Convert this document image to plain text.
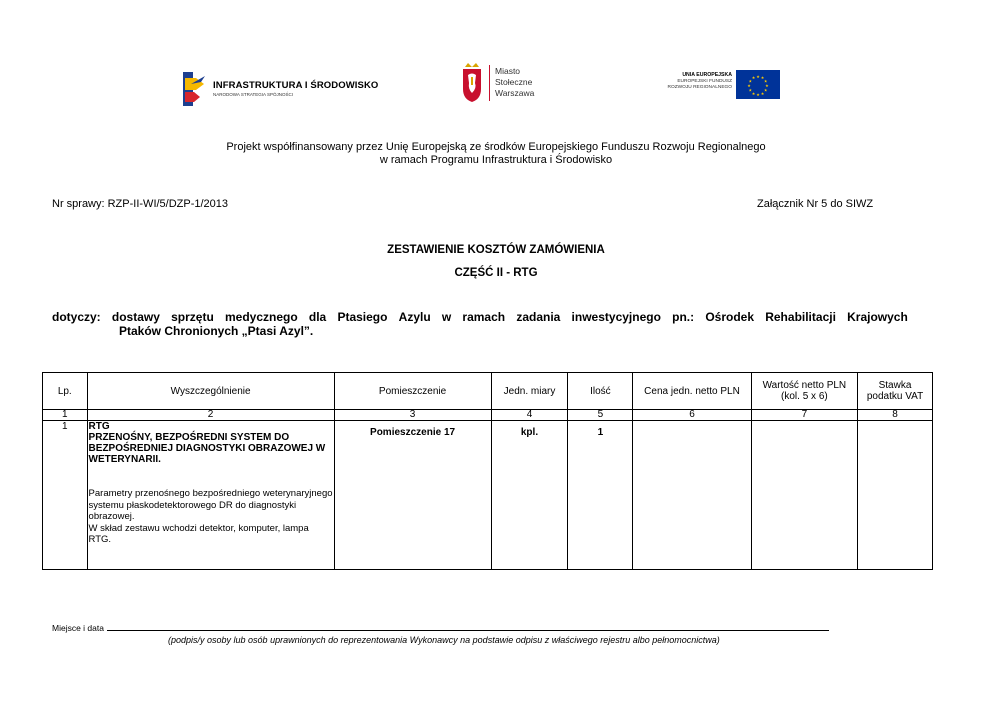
INFRASTRUKTURA I ŚRODOWISKO
NARODOWA STRATEGIA SPÓJNOŚCI
Miasto
Stołeczne
Warszawa
UNIA EUROPEJSKA
EUROPEJSKI FUNDUSZ
ROZWOJU REGIONALNEGO
★ ★
★
★
★
★
★
★
★
★
★
★
Projekt współfinansowany przez Unię Europejską ze środków Europejskiego Funduszu Rozwoju Regionalnego
w ramach Programu Infrastruktura i Środowisko
Nr sprawy: RZP-II-WI/5/DZP-1/2013	Załącznik Nr 5 do SIWZ
ZESTAWIENIE KOSZTÓW ZAMÓWIENIA
CZĘŚĆ II - RTG
dotyczy: dostawy sprzętu medycznego dla Ptasiego Azylu w ramach zadania inwestycyjnego pn.: Ośrodek Rehabilitacji Krajowych
Ptaków Chronionych „Ptasi Azyl”.
Lp.	Wyszczególnienie	Pomieszczenie	Jedn. miary	Ilość	Cena jedn. netto PLN	Wartość netto PLN (kol. 5 x 6)	Stawka podatku VAT
1	2	3	4	5	6	7	8
1	RTG
PRZENOŚNY, BEZPOŚREDNI SYSTEM DO BEZPOŚREDNIEJ DIAGNOSTYKI OBRAZOWEJ W WETERYNARII.
Parametry przenośnego bezpośredniego weterynaryjnego systemu płaskodetektorowego DR do diagnostyki obrazowej.
W skład zestawu wchodzi detektor, komputer, lampa RTG.	Pomieszczenie 17	kpl.	1			
Miejsce i data
(podpis/y osoby lub osób uprawnionych do reprezentowania Wykonawcy na podstawie odpisu z właściwego rejestru albo pełnomocnictwa)
